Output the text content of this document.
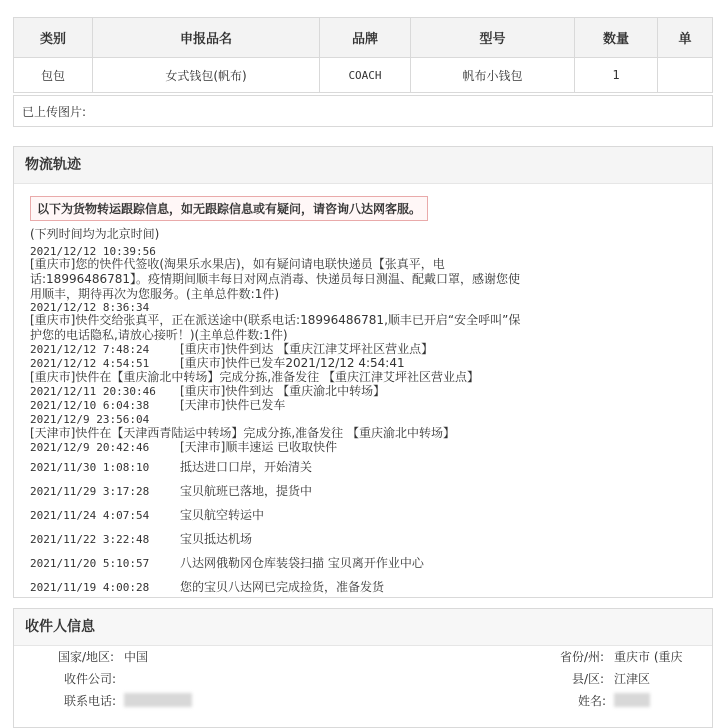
类别	申报品名	品牌	型号	数量	单
包包	女式钱包(帆布)	COACH	帆布小钱包	1	
已上传图片:
物流轨迹
以下为货物转运跟踪信息，如无跟踪信息或有疑问，请咨询八达网客服。
(下列时间均为北京时间)
2021/12/12 10:39:56
[重庆市]您的快件代签收(淘果乐水果店)，如有疑问请电联快递员【张真平，电话:18996486781】。疫情期间顺丰每日对网点消毒、快递员每日测温、配戴口罩，感谢您使用顺丰，期待再次为您服务。(主单总件数:1件)
2021/12/12 8:36:34
[重庆市]快件交给张真平，正在派送途中(联系电话:18996486781,顺丰已开启“安全呼叫”保护您的电话隐私,请放心接听！)(主单总件数:1件)
2021/12/12 7:48:24	[重庆市]快件到达 【重庆江津艾坪社区营业点】
2021/12/12 4:54:51	[重庆市]快件已发车2021/12/12 4:54:41
[重庆市]快件在【重庆渝北中转场】完成分拣,准备发往 【重庆江津艾坪社区营业点】
2021/12/11 20:30:46 [重庆市]快件到达 【重庆渝北中转场】
2021/12/10 6:04:38	[天津市]快件已发车
2021/12/9 23:56:04
[天津市]快件在【天津西青陆运中转场】完成分拣,准备发往 【重庆渝北中转场】
2021/12/9 20:42:46	[天津市]顺丰速运 已收取快件
2021/11/30 1:08:10	抵达进口口岸，开始清关
2021/11/29 3:17:28	宝贝航班已落地，提货中
2021/11/24 4:07:54	宝贝航空转运中
2021/11/22 3:22:48	宝贝抵达机场
2021/11/20 5:10:57	八达网俄勒冈仓库装袋扫描 宝贝离开作业中心
2021/11/19 4:00:28	您的宝贝八达网已完成捡货，准备发货
收件人信息
国家/地区: 中国
收件公司:
联系电话:
省份/州: 重庆市 (重庆
县/区: 江津区
姓名:
